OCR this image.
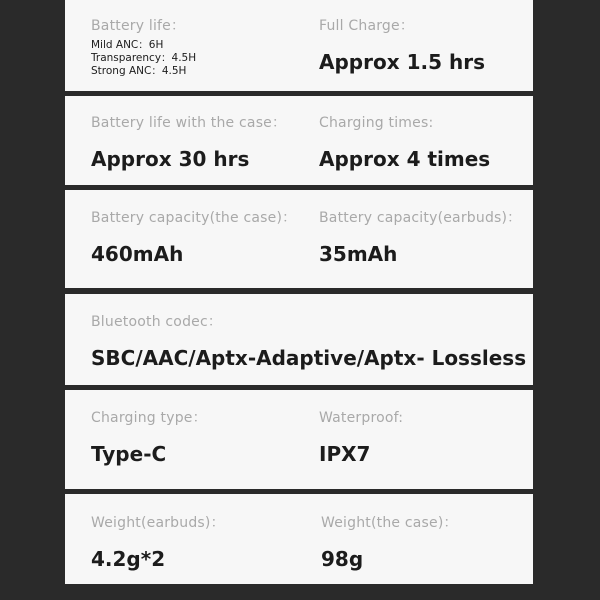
Battery life：
Mild ANC：6H
Transparency：4.5H
Strong ANC：4.5H
Full Charge：
Approx 1.5 hrs
Battery life with the case：
Approx 30 hrs
Charging times:
Approx 4 times
Battery capacity(the case)：
460mAh
Battery capacity(earbuds)：
35mAh
Bluetooth codec：
SBC/AAC/Aptx-Adaptive/Aptx- Lossless
Charging type：
Type-C
Waterproof:
IPX7
Weight(earbuds)：
4.2g*2
Weight(the case)：
98g
